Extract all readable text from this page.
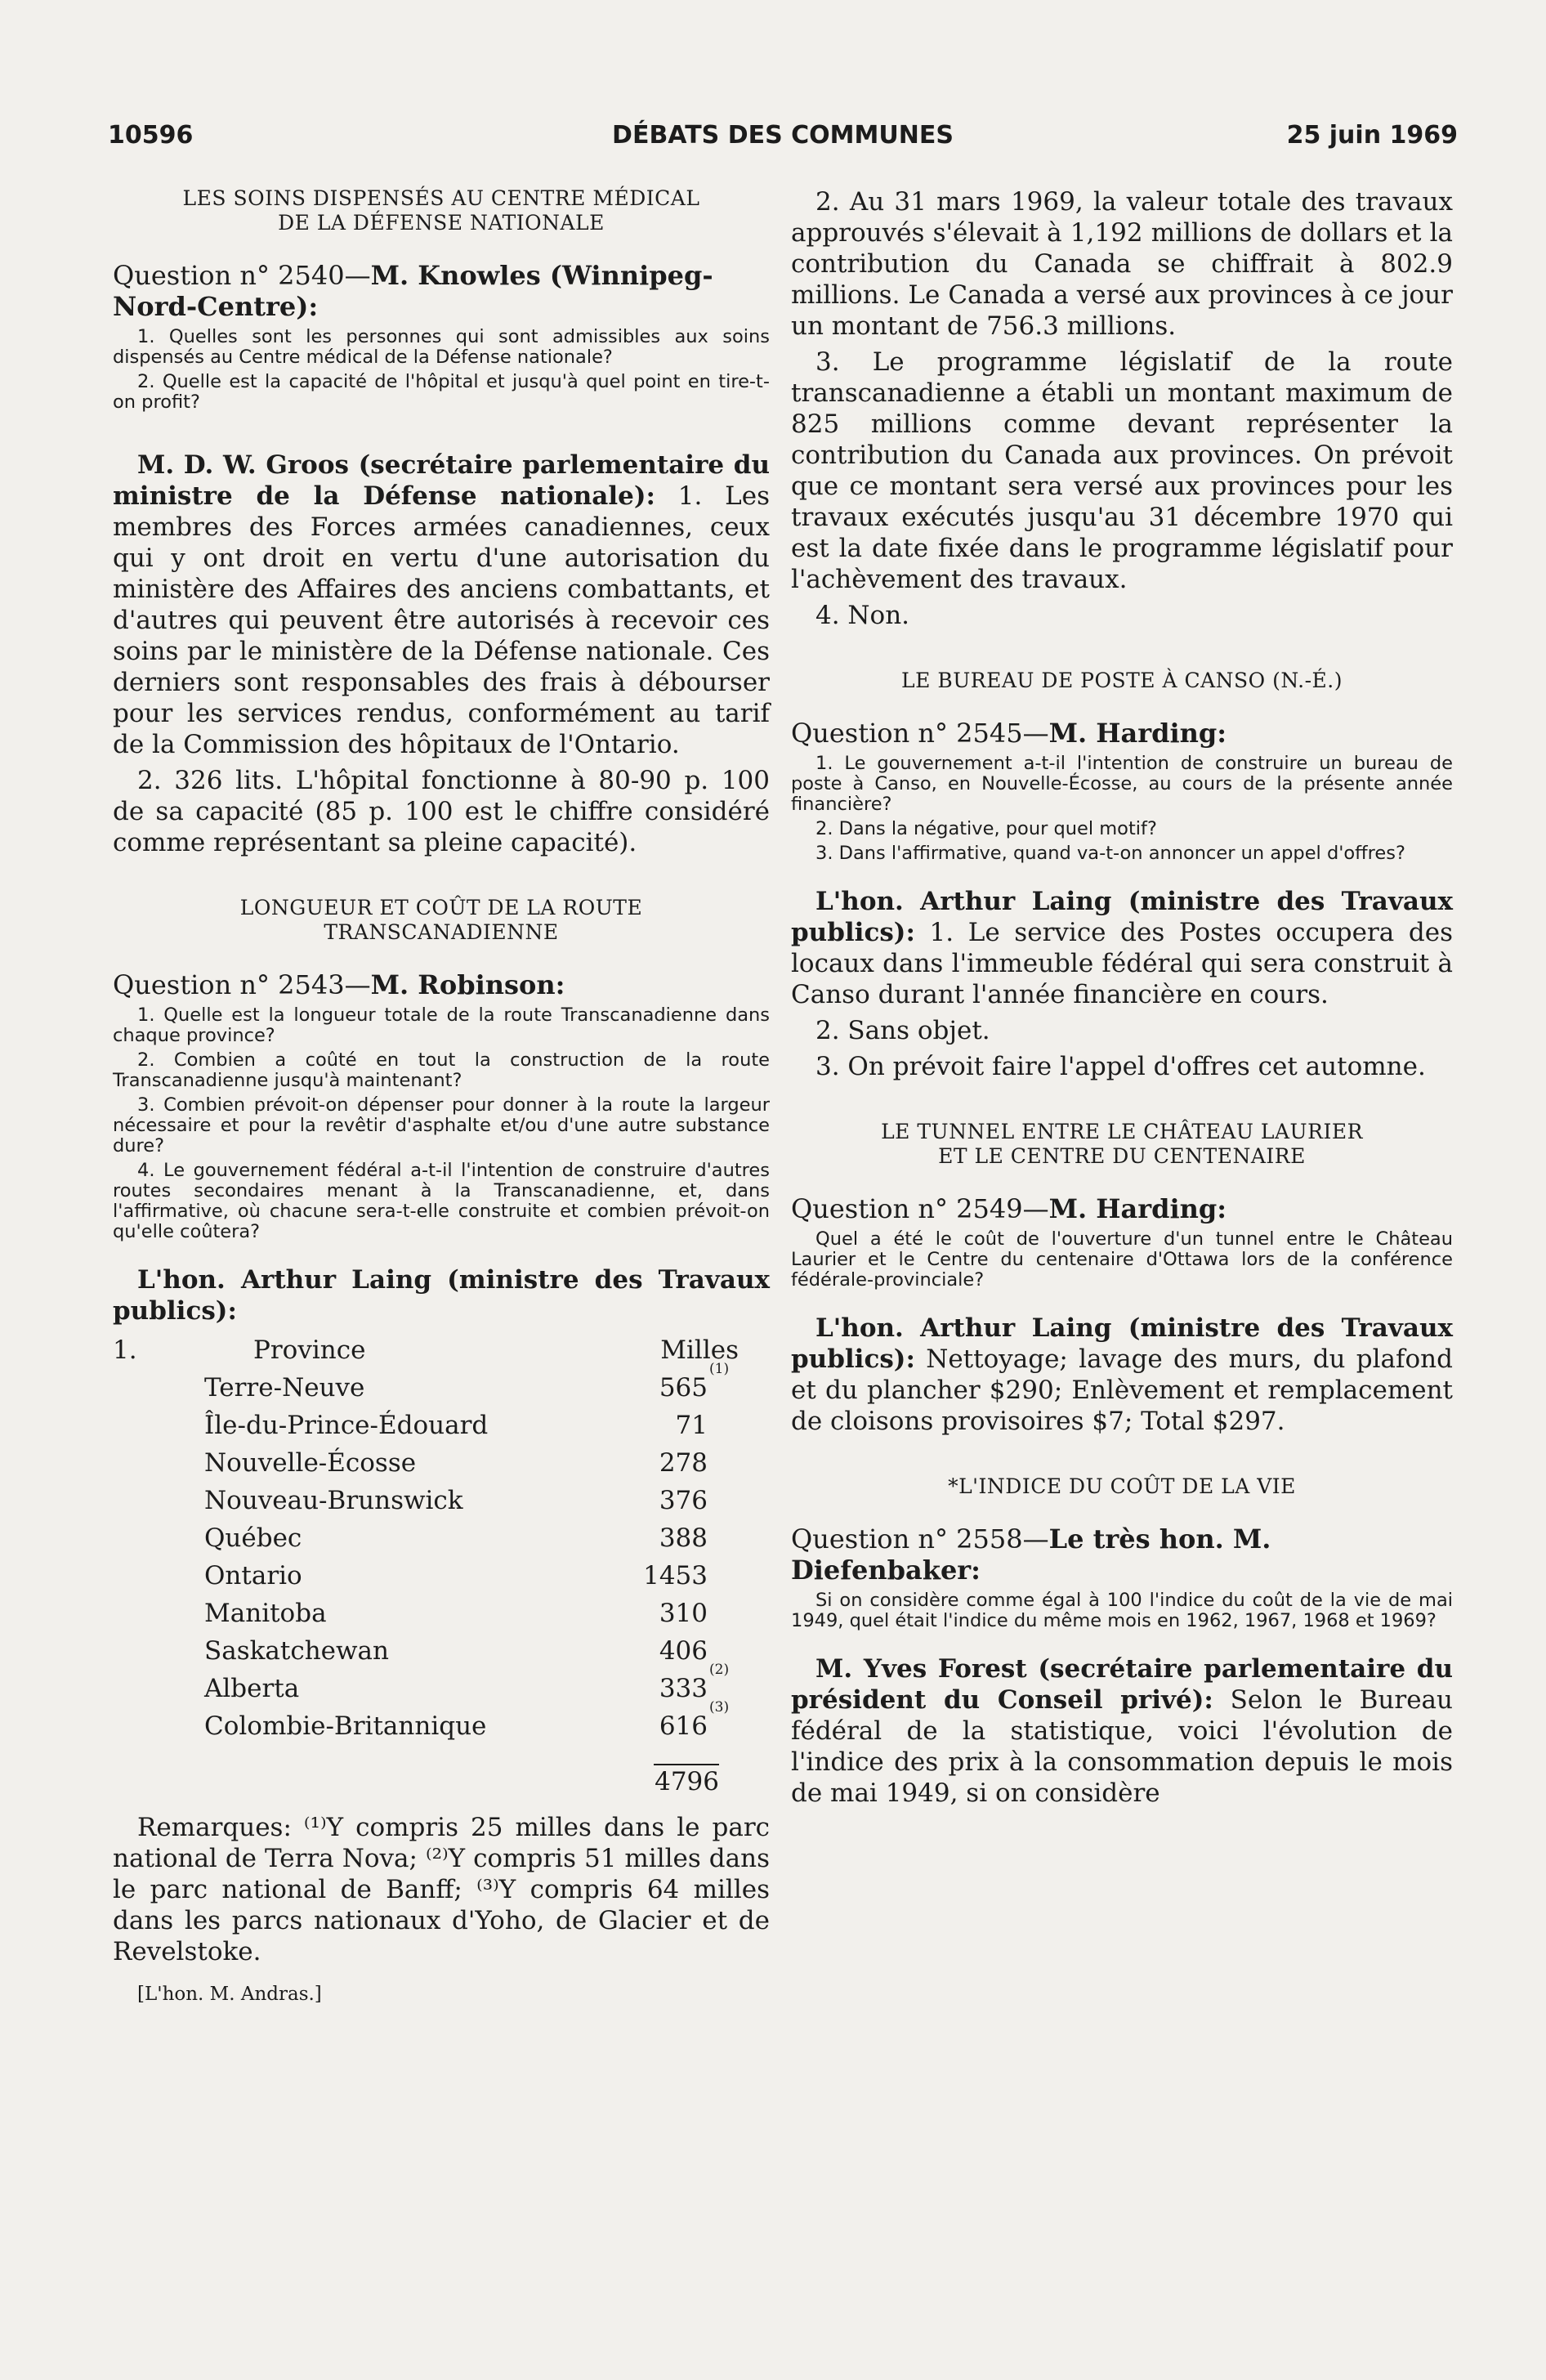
10596	DÉBATS DES COMMUNES	25 juin 1969
LES SOINS DISPENSÉS AU CENTRE MÉDICAL
DE LA DÉFENSE NATIONALE

Question n° 2540—M. Knowles (Winnipeg-Nord-Centre):

1. Quelles sont les personnes qui sont admissibles aux soins dispensés au Centre médical de la Défense nationale?

2. Quelle est la capacité de l'hôpital et jusqu'à quel point en tire-t-on profit?

M. D. W. Groos (secrétaire parlementaire du ministre de la Défense nationale): 1. Les membres des Forces armées canadiennes, ceux qui y ont droit en vertu d'une autorisation du ministère des Affaires des anciens combattants, et d'autres qui peuvent être autorisés à recevoir ces soins par le ministère de la Défense nationale. Ces derniers sont responsables des frais à débourser pour les services rendus, conformément au tarif de la Commission des hôpitaux de l'Ontario.

2. 326 lits. L'hôpital fonctionne à 80-90 p. 100 de sa capacité (85 p. 100 est le chiffre considéré comme représentant sa pleine capacité).

LONGUEUR ET COÛT DE LA ROUTE
TRANSCANADIENNE

Question n° 2543—M. Robinson:

1. Quelle est la longueur totale de la route Transcanadienne dans chaque province?

2. Combien a coûté en tout la construction de la route Transcanadienne jusqu'à maintenant?

3. Combien prévoit-on dépenser pour donner à la route la largeur nécessaire et pour la revêtir d'asphalte et/ou d'une autre substance dure?

4. Le gouvernement fédéral a-t-il l'intention de construire d'autres routes secondaires menant à la Transcanadienne, et, dans l'affirmative, où chacune sera-t-elle construite et combien prévoit-on qu'elle coûtera?

L'hon. Arthur Laing (ministre des Travaux publics):

1.	Province	Milles
	Terre-Neuve	565
(1)

	Île-du-Prince-Édouard	71

	Nouvelle-Écosse	278

	Nouveau-Brunswick	376

	Québec	388

	Ontario	1453

	Manitoba	310

	Saskatchewan	406

	Alberta	333
(2)

	Colombie-Britannique	616
(3)

		4796

Remarques: ⁽¹⁾Y compris 25 milles dans le parc national de Terra Nova; ⁽²⁾Y compris 51 milles dans le parc national de Banff; ⁽³⁾Y compris 64 milles dans les parcs nationaux d'Yoho, de Glacier et de Revelstoke.

[L'hon. M. Andras.]

2. Au 31 mars 1969, la valeur totale des travaux approuvés s'élevait à 1,192 millions de dollars et la contribution du Canada se chiffrait à 802.9 millions. Le Canada a versé aux provinces à ce jour un montant de 756.3 millions.

3. Le programme législatif de la route transcanadienne a établi un montant maximum de 825 millions comme devant représenter la contribution du Canada aux provinces. On prévoit que ce montant sera versé aux provinces pour les travaux exécutés jusqu'au 31 décembre 1970 qui est la date fixée dans le programme législatif pour l'achèvement des travaux.

4. Non.

LE BUREAU DE POSTE À CANSO (N.-É.)

Question n° 2545—M. Harding:

1. Le gouvernement a-t-il l'intention de construire un bureau de poste à Canso, en Nouvelle-Écosse, au cours de la présente année financière?

2. Dans la négative, pour quel motif?

3. Dans l'affirmative, quand va-t-on annoncer un appel d'offres?

L'hon. Arthur Laing (ministre des Travaux publics): 1. Le service des Postes occupera des locaux dans l'immeuble fédéral qui sera construit à Canso durant l'année financière en cours.

2. Sans objet.

3. On prévoit faire l'appel d'offres cet automne.

LE TUNNEL ENTRE LE CHÂTEAU LAURIER
ET LE CENTRE DU CENTENAIRE

Question n° 2549—M. Harding:

Quel a été le coût de l'ouverture d'un tunnel entre le Château Laurier et le Centre du centenaire d'Ottawa lors de la conférence fédérale-provinciale?

L'hon. Arthur Laing (ministre des Travaux publics): Nettoyage; lavage des murs, du plafond et du plancher $290; Enlèvement et remplacement de cloisons provisoires $7; Total $297.

*L'INDICE DU COÛT DE LA VIE

Question n° 2558—Le très hon. M. Diefenbaker:

Si on considère comme égal à 100 l'indice du coût de la vie de mai 1949, quel était l'indice du même mois en 1962, 1967, 1968 et 1969?

M. Yves Forest (secrétaire parlementaire du président du Conseil privé): Selon le Bureau fédéral de la statistique, voici l'évolution de l'indice des prix à la consommation depuis le mois de mai 1949, si on considère
